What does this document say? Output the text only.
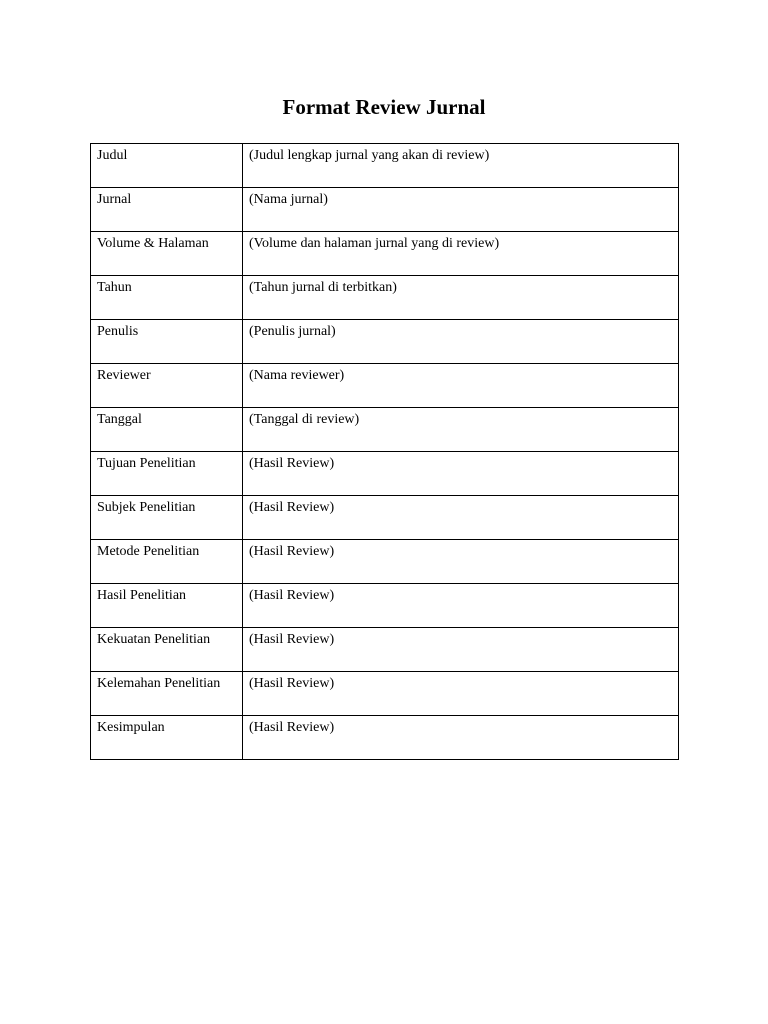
Format Review Jurnal
Judul	(Judul lengkap jurnal yang akan di review)
Jurnal	(Nama jurnal)
Volume & Halaman	(Volume dan halaman jurnal yang di review)
Tahun	(Tahun jurnal di terbitkan)
Penulis	(Penulis jurnal)
Reviewer	(Nama reviewer)
Tanggal	(Tanggal di review)
Tujuan Penelitian	(Hasil Review)
Subjek Penelitian	(Hasil Review)
Metode Penelitian	(Hasil Review)
Hasil Penelitian	(Hasil Review)
Kekuatan Penelitian	(Hasil Review)
Kelemahan Penelitian	(Hasil Review)
Kesimpulan	(Hasil Review)
